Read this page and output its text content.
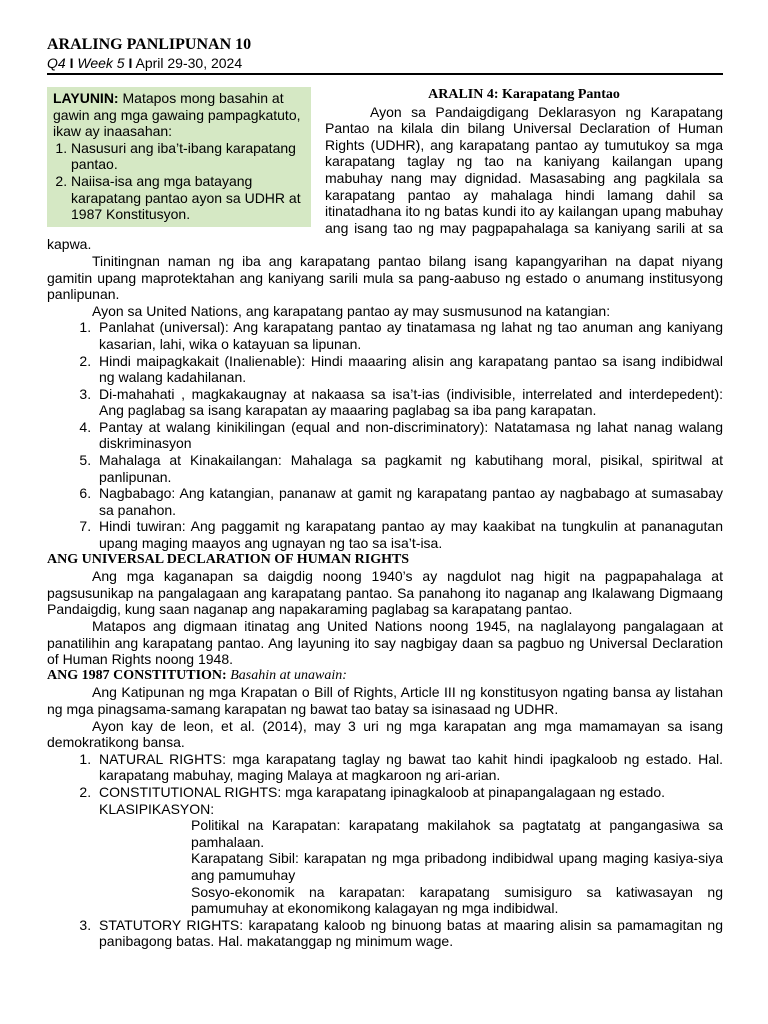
ARALING PANLIPUNAN 10
Q4 I Week 5 I April 29-30, 2024
LAYUNIN: Matapos mong basahin at gawin ang mga gawaing pampagkatuto, ikaw ay inaasahan:
1. Nasusuri ang iba’t-ibang karapatang pantao.
2. Naiisa-isa ang mga batayang karapatang pantao ayon sa UDHR at 1987 Konstitusyon.
ARALIN 4: Karapatang Pantao

Ayon sa Pandaigdigang Deklarasyon ng Karapatang Pantao na kilala din bilang Universal Declaration of Human Rights (UDHR), ang karapatang pantao ay tumutukoy sa mga karapatang taglay ng tao na kaniyang kailangan upang mabuhay nang may dignidad. Masasabing ang pagkilala sa karapatang pantao ay mahalaga hindi lamang dahil sa itinatadhana ito ng batas kundi ito ay kailangan upang mabuhay ang isang tao ng may pagpapahalaga sa kaniyang sarili at sa kapwa.

Tinitingnan naman ng iba ang karapatang pantao bilang isang kapangyarihan na dapat niyang gamitin upang maprotektahan ang kaniyang sarili mula sa pang-aabuso ng estado o anumang institusyong panlipunan.

Ayon sa United Nations, ang karapatang pantao ay may susmusunod na katangian:

1. Panlahat (universal): Ang karapatang pantao ay tinatamasa ng lahat ng tao anuman ang kaniyang kasarian, lahi, wika o katayuan sa lipunan.
2. Hindi maipagkakait (Inalienable): Hindi maaaring alisin ang karapatang pantao sa isang indibidwal ng walang kadahilanan.
3. Di-mahahati , magkakaugnay at nakaasa sa isa’t-ias (indivisible, interrelated and interdepedent): Ang paglabag sa isang karapatan ay maaaring paglabag sa iba pang karapatan.
4. Pantay at walang kinikilingan (equal and non-discriminatory): Natatamasa ng lahat nanag walang diskriminasyon
5. Mahalaga at Kinakailangan: Mahalaga sa pagkamit ng kabutihang moral, pisikal, spiritwal at panlipunan.
6. Nagbabago: Ang katangian, pananaw at gamit ng karapatang pantao ay nagbabago at sumasabay sa panahon.
7. Hindi tuwiran: Ang paggamit ng karapatang pantao ay may kaakibat na tungkulin at pananagutan upang maging maayos ang ugnayan ng tao sa isa’t-isa.
ANG UNIVERSAL DECLARATION OF HUMAN RIGHTS

Ang mga kaganapan sa daigdig noong 1940’s ay nagdulot nag higit na pagpapahalaga at pagsusunikap na pangalagaan ang karapatang pantao. Sa panahong ito naganap ang Ikalawang Digmaang Pandaigdig, kung saan naganap ang napakaraming paglabag sa karapatang pantao.

Matapos ang digmaan itinatag ang United Nations noong 1945, na naglalayong pangalagaan at panatilihin ang karapatang pantao. Ang layuning ito say nagbigay daan sa pagbuo ng Universal Declaration of Human Rights noong 1948.

ANG 1987 CONSTITUTION: Basahin at unawain:

Ang Katipunan ng mga Krapatan o Bill of Rights, Article III ng konstitusyon ngating bansa ay listahan ng mga pinagsama-samang karapatan ng bawat tao batay sa isinasaad ng UDHR.

Ayon kay de leon, et al. (2014), may 3 uri ng mga karapatan ang mga mamamayan sa isang demokratikong bansa.

1. NATURAL RIGHTS: mga karapatang taglay ng bawat tao kahit hindi ipagkaloob ng estado. Hal. karapatang mabuhay, maging Malaya at magkaroon ng ari-arian.
2. CONSTITUTIONAL RIGHTS: mga karapatang ipinagkaloob at pinapangalagaan ng estado.
KLASIPIKASYON:

Politikal na Karapatan: karapatang makilahok sa pagtatatg at pangangasiwa sa pamhalaan.

Karapatang Sibil: karapatan ng mga pribadong indibidwal upang maging kasiya-siya ang pamumuhay

Sosyo-ekonomik na karapatan: karapatang sumisiguro sa katiwasayan ng pamumuhay at ekonomikong kalagayan ng mga indibidwal.

3. STATUTORY RIGHTS: karapatang kaloob ng binuong batas at maaring alisin sa pamamagitan ng panibagong batas. Hal. makatanggap ng minimum wage.
